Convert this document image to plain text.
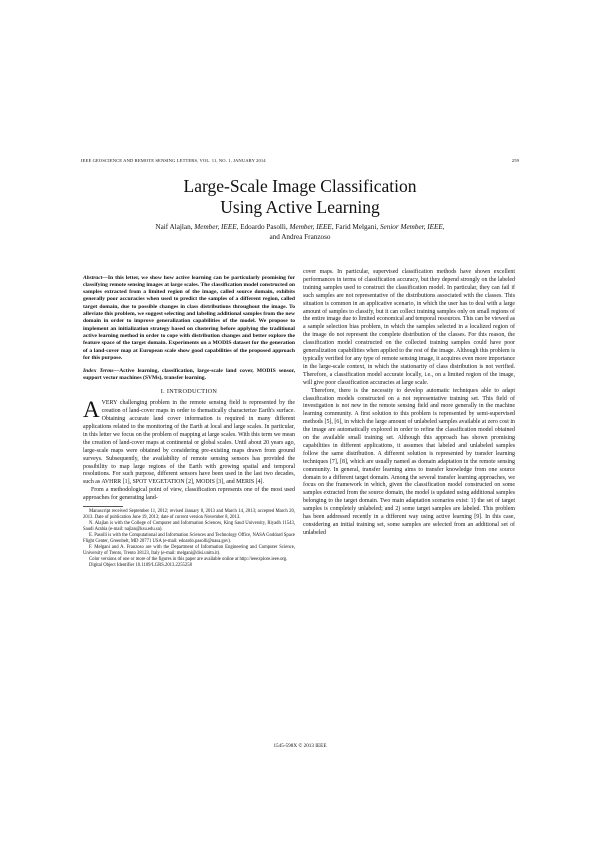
IEEE GEOSCIENCE AND REMOTE SENSING LETTERS, VOL. 11, NO. 1, JANUARY 2014	259
Large-Scale Image Classification
Using Active Learning
Naif Alajlan, Member, IEEE, Edoardo Pasolli, Member, IEEE, Farid Melgani, Senior Member, IEEE,
and Andrea Franzoso

Abstract—In this letter, we show how active learning can be particularly promising for classifying remote sensing images at large scales. The classification model constructed on samples extracted from a limited region of the image, called source domain, exhibits generally poor accuracies when used to predict the samples of a different region, called target domain, due to possible changes in class distributions throughout the image. To alleviate this problem, we suggest selecting and labeling additional samples from the new domain in order to improve generalization capabilities of the model. We propose to implement an initialization strategy based on clustering before applying the traditional active learning method in order to cope with distribution changes and better explore the feature space of the target domain. Experiments on a MODIS dataset for the generation of a land-cover map at European scale show good capabilities of the proposed approach for this purpose.

Index Terms—Active learning, classification, large-scale land cover, MODIS sensor, support vector machines (SVMs), transfer learning.

I. INTRODUCTION

AVERY challenging problem in the remote sensing field is represented by the creation of land-cover maps in order to thematically characterize Earth's surface. Obtaining accurate land cover information is required in many different applications related to the monitoring of the Earth at local and large scales. In particular, in this letter we focus on the problem of mapping at large scales. With this term we mean the creation of land-cover maps at continental or global scales. Until about 20 years ago, large-scale maps were obtained by considering pre-existing maps drawn from ground surveys. Subsequently, the availability of remote sensing sensors has provided the possibility to map large regions of the Earth with growing spatial and temporal resolutions. For such purpose, different sensors have been used in the last two decades, such as AVHRR [1], SPOT VEGETATION [2], MODIS [3], and MERIS [4].

From a methodological point of view, classification represents one of the most used approaches for generating land-

Manuscript received September 11, 2012; revised January 8, 2013 and March 14, 2013; accepted March 20, 2013. Date of publication June 19, 2013; date of current version November 8, 2013.

N. Alajlan is with the College of Computer and Information Sciences, King Saud University, Riyadh 11543, Saudi Arabia (e-mail: najlan@ksu.edu.sa).

E. Pasolli is with the Computational and Information Sciences and Technology Office, NASA Goddard Space Flight Center, Greenbelt, MD 20771 USA (e-mail: edoardo.pasolli@nasa.gov).

F. Melgani and A. Franzoso are with the Department of Information Engineering and Computer Science, University of Trento, Trento 38123, Italy (e-mail: melgani@disi.unitn.it).

Color versions of one or more of the figures in this paper are available online at http://ieeexplore.ieee.org.

Digital Object Identifier 10.1109/LGRS.2013.2255258

cover maps. In particular, supervised classification methods have shown excellent performances in terms of classification accuracy, but they depend strongly on the labeled training samples used to construct the classification model. In particular, they can fail if such samples are not representative of the distributions associated with the classes. This situation is common in an applicative scenario, in which the user has to deal with a large amount of samples to classify, but it can collect training samples only on small regions of the entire image due to limited economical and temporal resources. This can be viewed as a sample selection bias problem, in which the samples selected in a localized region of the image do not represent the complete distribution of the classes. For this reason, the classification model constructed on the collected training samples could have poor generalization capabilities when applied to the rest of the image. Although this problem is typically verified for any type of remote sensing image, it acquires even more importance in the large-scale context, in which the stationarity of class distribution is not verified. Therefore, a classification model accurate locally, i.e., on a limited region of the image, will give poor classification accuracies at large scale.

Therefore, there is the necessity to develop automatic techniques able to adapt classification models constructed on a not representative training set. This field of investigation is not new in the remote sensing field and more generally in the machine learning community. A first solution to this problem is represented by semi-supervised methods [5], [6], in which the large amount of unlabeled samples available at zero cost in the image are automatically explored in order to refine the classification model obtained on the available small training set. Although this approach has shown promising capabilities in different applications, it assumes that labeled and unlabeled samples follow the same distribution. A different solution is represented by transfer learning techniques [7], [8], which are usually named as domain adaptation in the remote sensing community. In general, transfer learning aims to transfer knowledge from one source domain to a different target domain. Among the several transfer learning approaches, we focus on the framework in which, given the classification model constructed on some samples extracted from the source domain, the model is updated using additional samples belonging to the target domain. Two main adaptation scenarios exist: 1) the set of target samples is completely unlabeled; and 2) some target samples are labeled. This problem has been addressed recently in a different way using active learning [9]. In this case, considering an initial training set, some samples are selected from an additional set of unlabeled

1545-598X © 2013 IEEE
